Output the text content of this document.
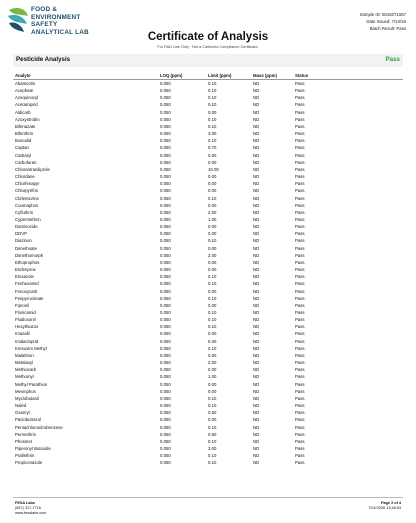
FOOD &
ENVIRONMENT
SAFETY
ANALYTICAL LAB
Sample ID: 8016071557
Date Issued: 7/24/26
Batch Result: Pass
Certificate of Analysis
For R&D Use Only · Not a California Compliance Certificate.
Pesticide Analysis	Pass
Analyte	LOQ (ppm)	Limit (ppm)	Mass (ppm)	Status
Abamectin	0.050	0.10	ND	Pass
Acephate	0.050	0.10	ND	Pass
Acequinocyl	0.050	0.10	ND	Pass
Acetamiprid	0.050	0.10	ND	Pass
Aldicarb	0.050	0.00	ND	Pass
Azoxystrobin	0.050	0.10	ND	Pass
Bifenazate	0.050	0.10	ND	Pass
Bifenthrin	0.050	3.00	ND	Pass
Boscalid	0.050	0.10	ND	Pass
Captan	0.050	0.70	ND	Pass
Carbaryl	0.050	0.50	ND	Pass
Carbofuran	0.050	0.00	ND	Pass
Chlorantraniliprole	0.050	10.00	ND	Pass
Chlordane	0.050	0.00	ND	Pass
Chlorfenapyr	0.050	0.00	ND	Pass
Chlorpyrifos	0.050	0.00	ND	Pass
Clofentezine	0.050	0.10	ND	Pass
Coumaphos	0.050	0.00	ND	Pass
Cyfluthrin	0.050	2.00	ND	Pass
Cypermethrin	0.050	1.00	ND	Pass
Daminozide	0.050	0.00	ND	Pass
DDVP	0.050	0.00	ND	Pass
Diazinon	0.050	0.10	ND	Pass
Dimethoate	0.050	0.00	ND	Pass
Dimethomorph	0.050	2.00	ND	Pass
Ethoprophos	0.050	0.00	ND	Pass
Etofenprox	0.050	0.00	ND	Pass
Etoxazole	0.050	0.10	ND	Pass
Fenhexamid	0.050	0.10	ND	Pass
Fenoxycarb	0.050	0.00	ND	Pass
Fenpyroximate	0.050	0.10	ND	Pass
Fipronil	0.050	0.00	ND	Pass
Flonicamid	0.050	0.10	ND	Pass
Fludioxonil	0.050	0.10	ND	Pass
Hexythiazox	0.050	0.10	ND	Pass
Imazalil	0.050	0.00	ND	Pass
Imidacloprid	0.050	5.00	ND	Pass
Kresoxim Methyl	0.050	0.10	ND	Pass
Malathion	0.050	0.50	ND	Pass
Metalaxyl	0.050	2.00	ND	Pass
Methiocarb	0.050	0.00	ND	Pass
Methomyl	0.050	1.00	ND	Pass
Methyl Parathion	0.050	0.00	ND	Pass
Mevinphos	0.050	0.00	ND	Pass
Myclobutanil	0.050	0.10	ND	Pass
Naled	0.050	0.10	ND	Pass
Oxamyl	0.050	0.50	ND	Pass
Paclobutrazol	0.050	0.00	ND	Pass
Pentachloronitrobenzene	0.050	0.10	ND	Pass
Permethrin	0.050	0.50	ND	Pass
Phosmet	0.050	0.10	ND	Pass
Piperonyl Butoxide	0.050	3.00	ND	Pass
Prallethrin	0.050	0.10	ND	Pass
Propiconazole	0.050	0.10	ND	Pass
FESA Labs
(657) 317-7716
www.fesalabs.com
Page 2 of 4
7/24/2026 13:48:53
